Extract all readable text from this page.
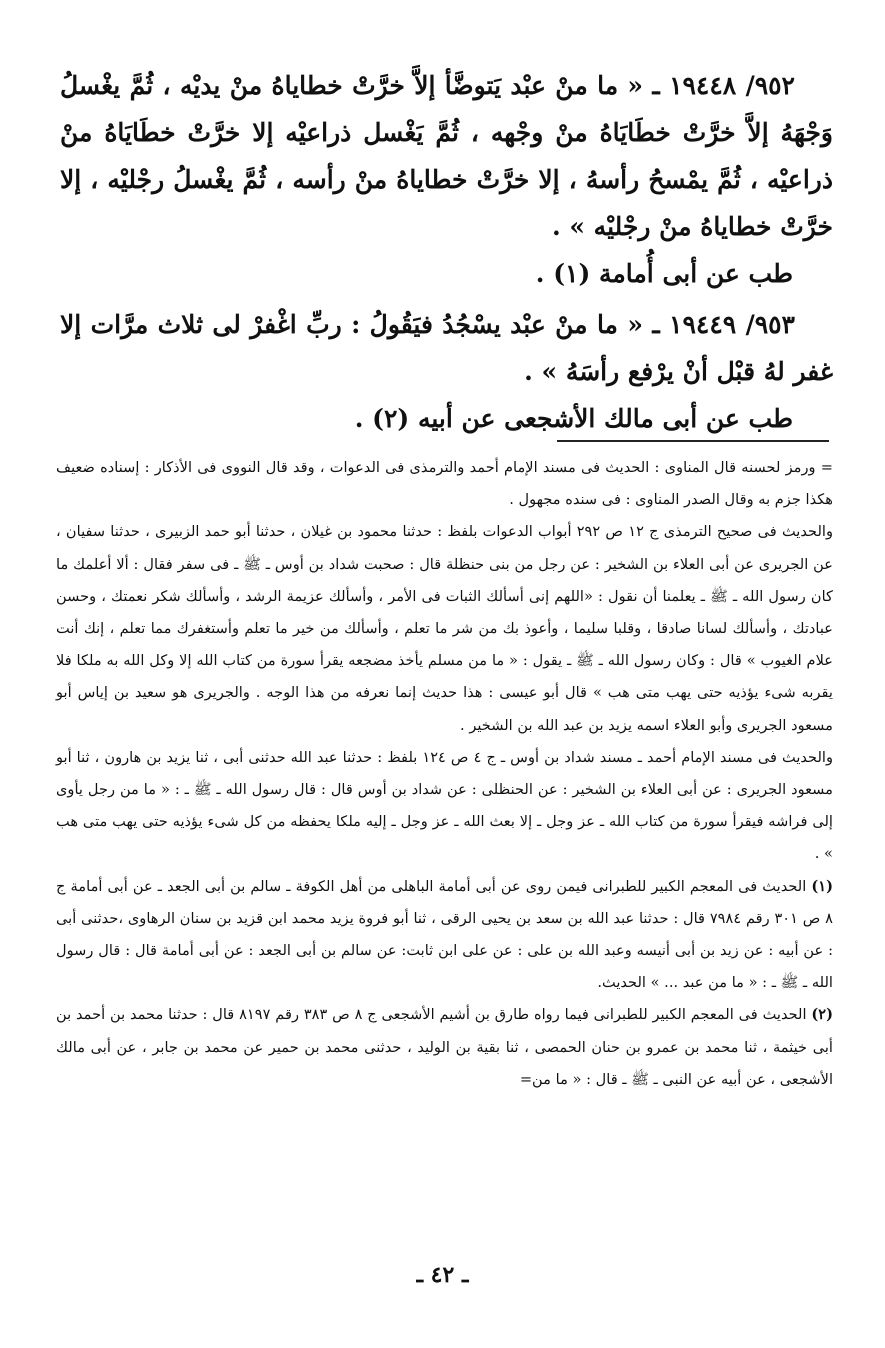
٩٥٢/ ١٩٤٤٨ ـ « ما منْ عبْد يَتوضَّأ إلاَّ خرَّتْ خطاياهُ منْ يديْه ، ثُمَّ يغْسلُ وَجْهَهُ إلاَّ خرَّتْ خطَايَاهُ منْ وجْهه ، ثُمَّ يَغْسل ذراعيْه إلا خرَّتْ خطَايَاهُ منْ ذراعيْه ، ثُمَّ يمْسحُ رأسهُ ، إلا خرَّتْ خطاياهُ منْ رأسه ، ثُمَّ يغْسلُ رجْليْه ، إلا خرَّتْ خطاياهُ منْ رجْليْه » .

طب عن أبى أُمامة (١) .

٩٥٣/ ١٩٤٤٩ ـ « ما منْ عبْد يسْجُدُ فيَقُولُ : ربِّ اغْفرْ لى ثلاث مرَّات إلا غفر لهُ قبْل أنْ يرْفع رأسَهُ » .

طب عن أبى مالك الأشجعى عن أبيه (٢) .

= ورمز لحسنه قال المناوى : الحديث فى مسند الإمام أحمد والترمذى فى الدعوات ، وقد قال النووى فى الأذكار : إسناده ضعيف هكذا جزم به وقال الصدر المناوى : فى سنده مجهول .

والحديث فى صحيح الترمذى ج ١٢ ص ٢٩٢ أبواب الدعوات بلفظ : حدثنا محمود بن غيلان ، حدثنا أبو حمد الزبيرى ، حدثنا سفيان ، عن الجريرى عن أبى العلاء بن الشخير : عن رجل من بنى حنظلة قال : صحبت شداد بن أوس ـ ﷺ ـ فى سفر فقال : ألا أعلمك ما كان رسول الله ـ ﷺ ـ يعلمنا أن نقول : «اللهم إنى أسألك الثبات فى الأمر ، وأسألك عزيمة الرشد ، وأسألك شكر نعمتك ، وحسن عبادتك ، وأسألك لسانا صادقا ، وقلبا سليما ، وأعوذ بك من شر ما تعلم ، وأسألك من خير ما تعلم وأستغفرك مما تعلم ، إنك أنت علام الغيوب » قال : وكان رسول الله ـ ﷺ ـ يقول : « ما من مسلم يأخذ مضجعه يقرأ سورة من كتاب الله إلا وكل الله به ملكا فلا يقربه شىء يؤذيه حتى يهب متى هب » قال أبو عيسى : هذا حديث إنما نعرفه من هذا الوجه . والجريرى هو سعيد بن إياس أبو مسعود الجريرى وأبو العلاء اسمه يزيد بن عبد الله بن الشخير .

والحديث فى مسند الإمام أحمد ـ مسند شداد بن أوس ـ ج ٤ ص ١٢٤ بلفظ : حدثنا عبد الله حدثنى أبى ، ثنا يزيد بن هارون ، ثنا أبو مسعود الجريرى : عن أبى العلاء بن الشخير : عن الحنظلى : عن شداد بن أوس قال : قال رسول الله ـ ﷺ ـ : « ما من رجل يأوى إلى فراشه فيقرأ سورة من كتاب الله ـ عز وجل ـ إلا بعث الله ـ عز وجل ـ إليه ملكا يحفظه من كل شىء يؤذيه حتى يهب متى هب » .

(١) الحديث فى المعجم الكبير للطبرانى فيمن روى عن أبى أمامة الباهلى من أهل الكوفة ـ سالم بن أبى الجعد ـ عن أبى أمامة ج ٨ ص ٣٠١ رقم ٧٩٨٤ قال : حدثنا عبد الله بن سعد بن يحيى الرقى ، ثنا أبو فروة يزيد محمد ابن قزيد بن سنان الرهاوى ،حدثنى أبى : عن أبيه : عن زيد بن أبى أنيسه وعبد الله بن على : عن على ابن ثابت: عن سالم بن أبى الجعد : عن أبى أمامة قال : قال رسول الله ـ ﷺ ـ : « ما من عبد ... » الحديث.

(٢) الحديث فى المعجم الكبير للطبرانى فيما رواه طارق بن أشيم الأشجعى ج ٨ ص ٣٨٣ رقم ٨١٩٧ قال : حدثنا محمد بن أحمد بن أبى خيثمة ، ثنا محمد بن عمرو بن حنان الحمصى ، ثنا بقية بن الوليد ، حدثنى محمد بن حمير عن محمد بن جابر ، عن أبى مالك الأشجعى ، عن أبيه عن النبى ـ ﷺ ـ قال : « ما من=

ـ ٤٢ ـ
